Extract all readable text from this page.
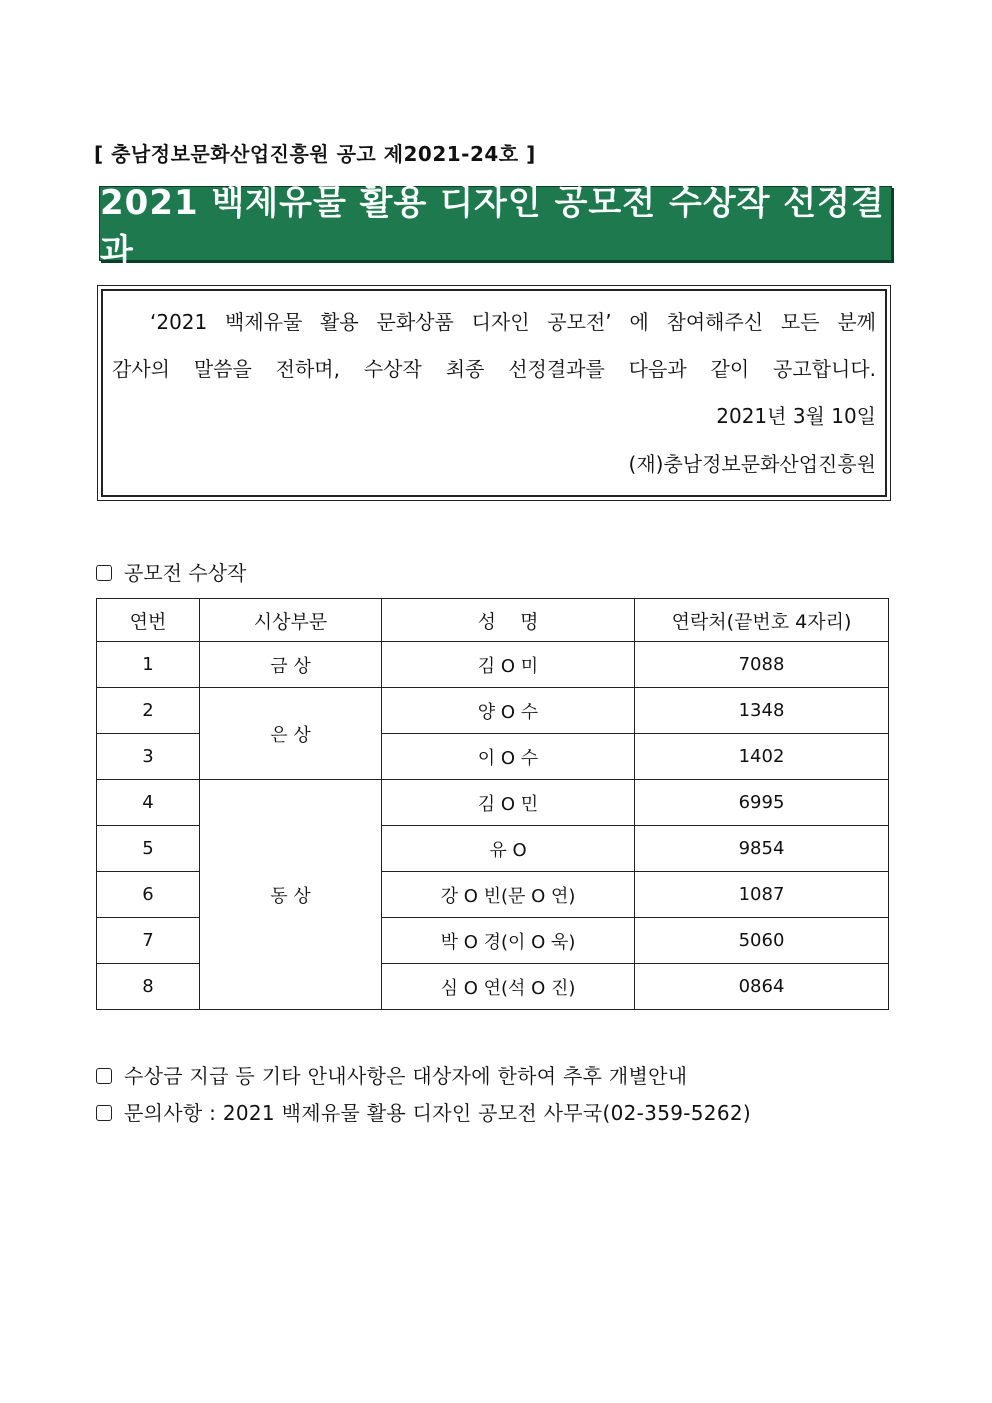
[ 충남정보문화산업진흥원 공고 제2021-24호 ]
2021 백제유물 활용 디자인 공모전 수상작 선정결과
‘2021 백제유물 활용 문화상품 디자인 공모전’ 에 참여해주신 모든 분께
감사의 말씀을 전하며, 수상작 최종 선정결과를 다음과 같이 공고합니다.
2021년 3월 10일
(재)충남정보문화산업진흥원
공모전 수상작
연번	시상부문	성    명	연락처(끝번호 4자리)
1	금 상	김 O 미	7088
2	은 상	양 O 수	1348
3		이 O 수	1402
4	동 상	김 O 민	6995
5		유 O	9854
6		강 O 빈(문 O 연)	1087
7		박 O 경(이 O 욱)	5060
8		심 O 연(석 O 진)	0864
수상금 지급 등 기타 안내사항은 대상자에 한하여 추후 개별안내
문의사항 : 2021 백제유물 활용 디자인 공모전 사무국(02-359-5262)
